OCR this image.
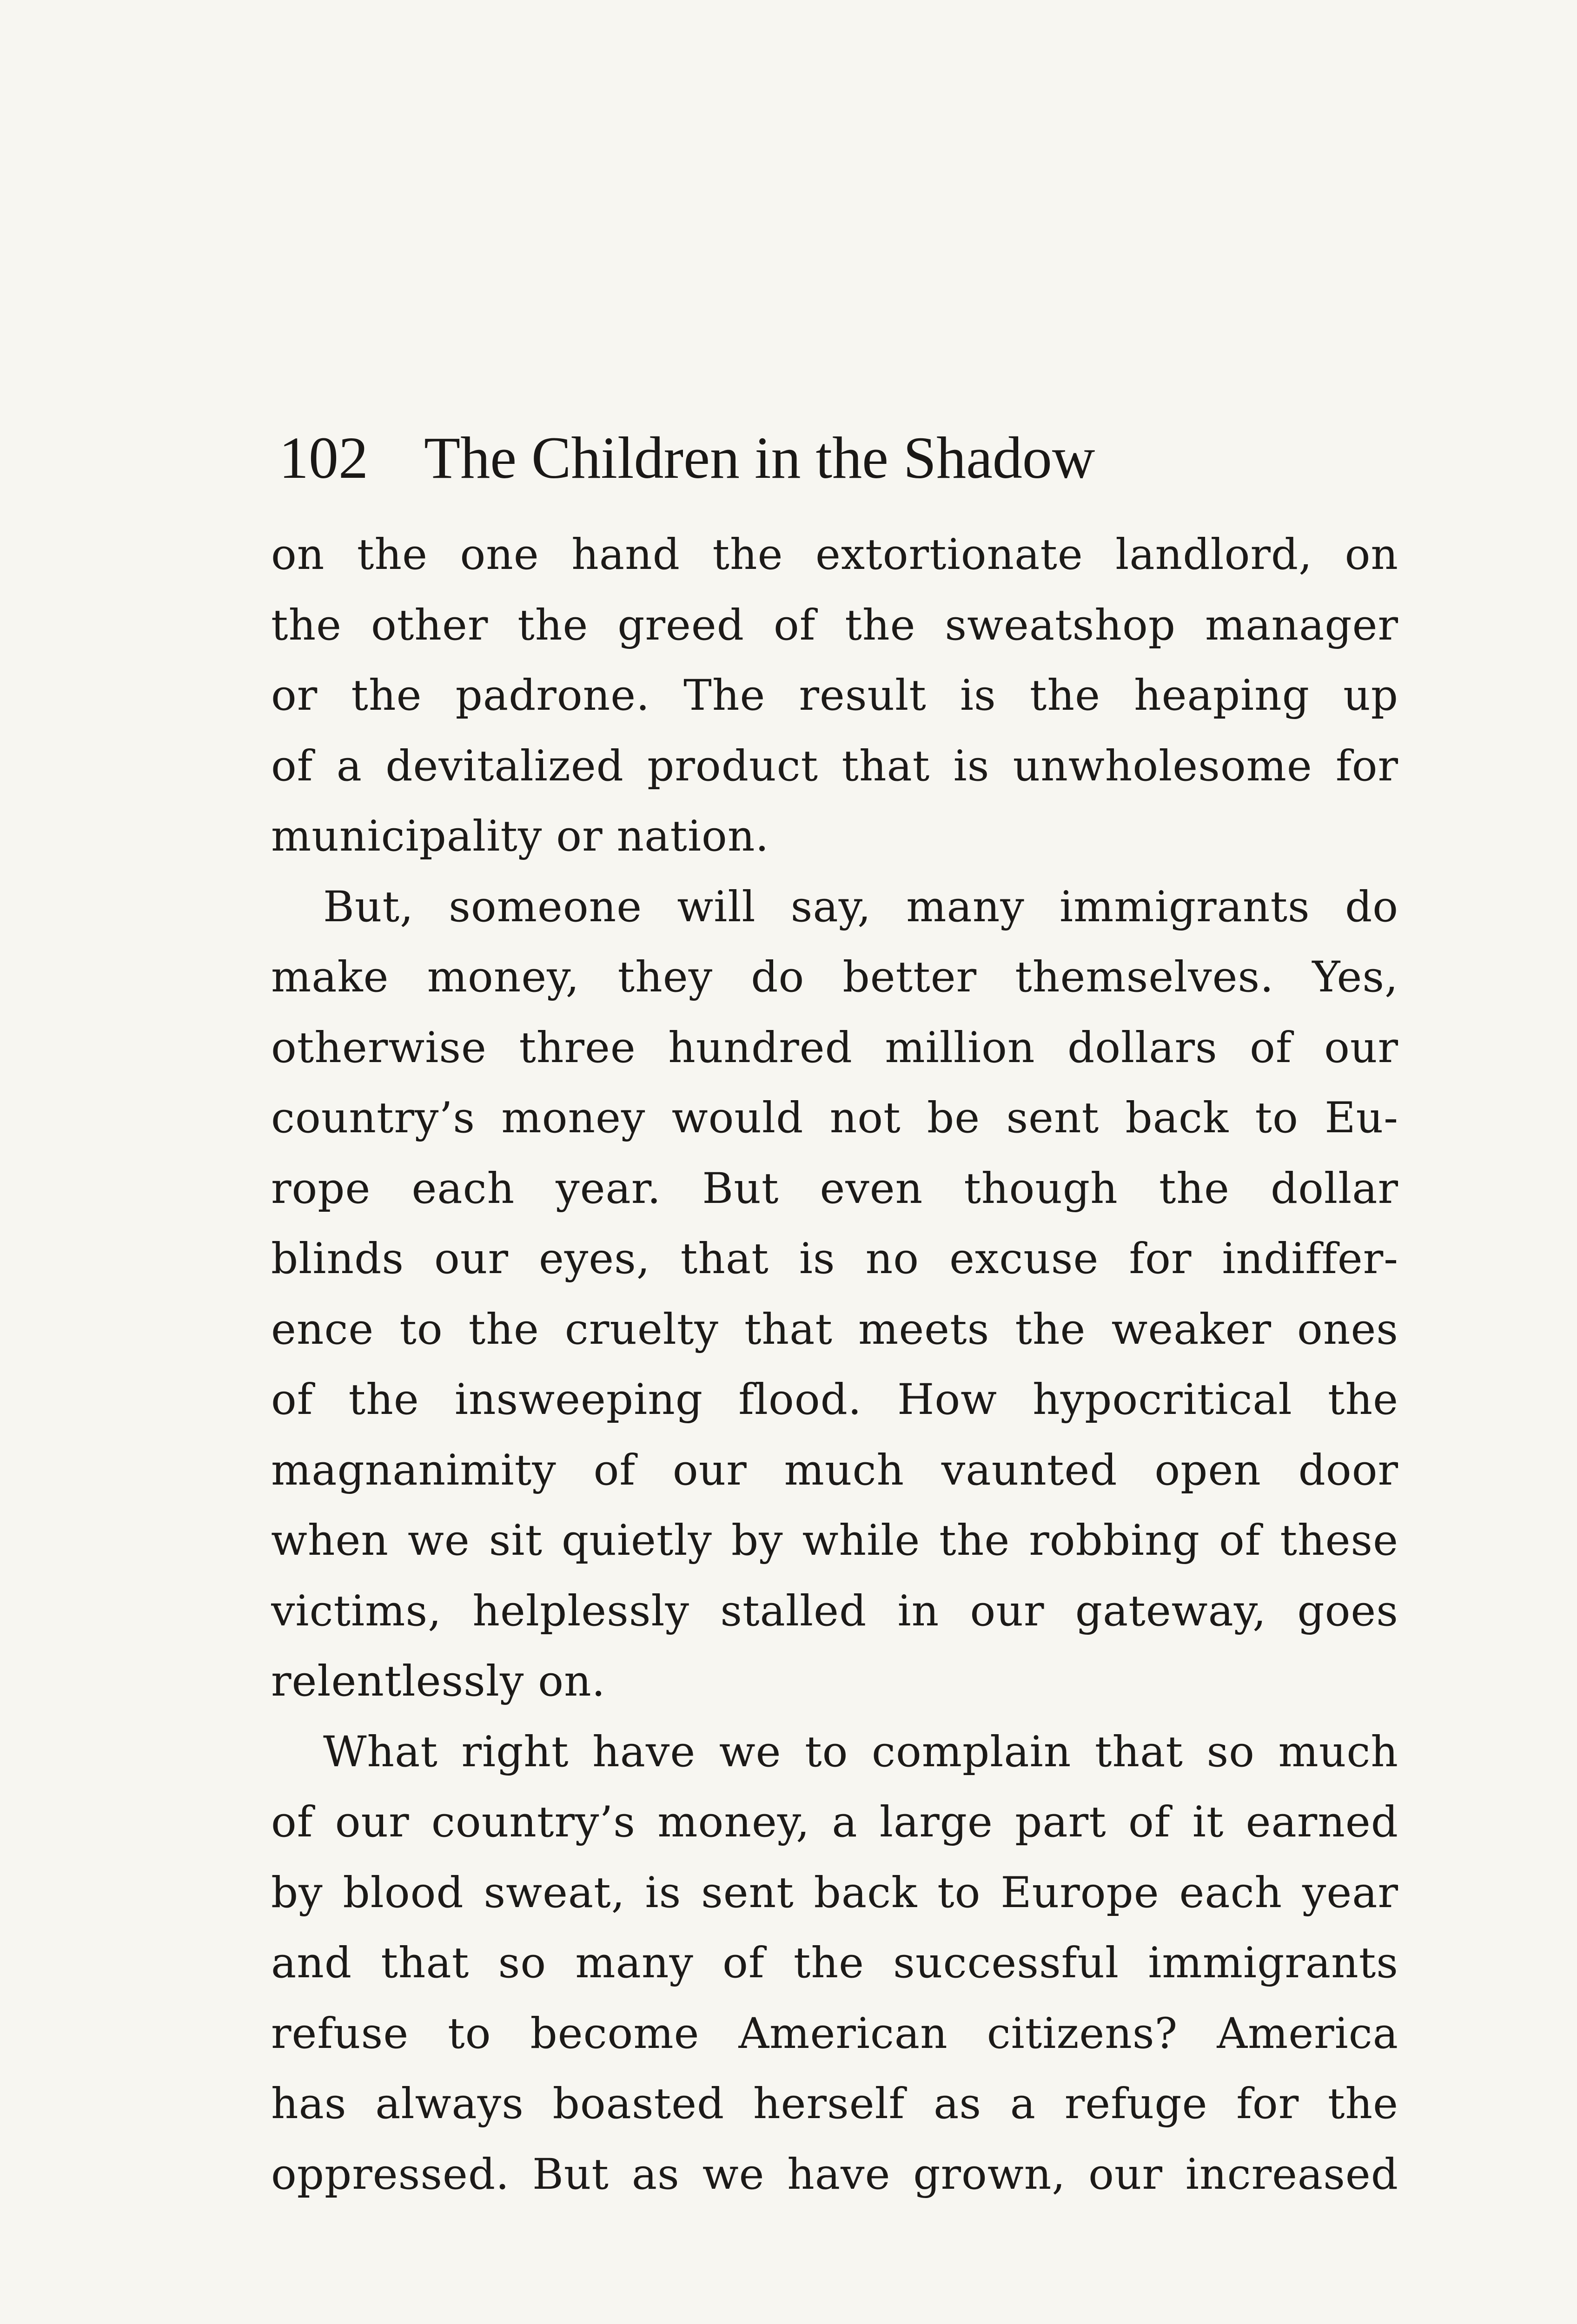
102 The Children in the Shadow
on the one hand the extortionate landlord, on
the other the greed of the sweatshop manager
or the padrone. The result is the heaping up
of a devitalized product that is unwholesome for
municipality or nation.
But, someone will say, many immigrants do
make money, they do better themselves. Yes,
otherwise three hundred million dollars of our
country’s money would not be sent back to Eu-
rope each year. But even though the dollar
blinds our eyes, that is no excuse for indiffer-
ence to the cruelty that meets the weaker ones
of the insweeping flood. How hypocritical the
magnanimity of our much vaunted open door
when we sit quietly by while the robbing of these
victims, helplessly stalled in our gateway, goes
relentlessly on.
What right have we to complain that so much
of our country’s money, a large part of it earned
by blood sweat, is sent back to Europe each year
and that so many of the successful immigrants
refuse to become American citizens? America
has always boasted herself as a refuge for the
oppressed. But as we have grown, our increased
